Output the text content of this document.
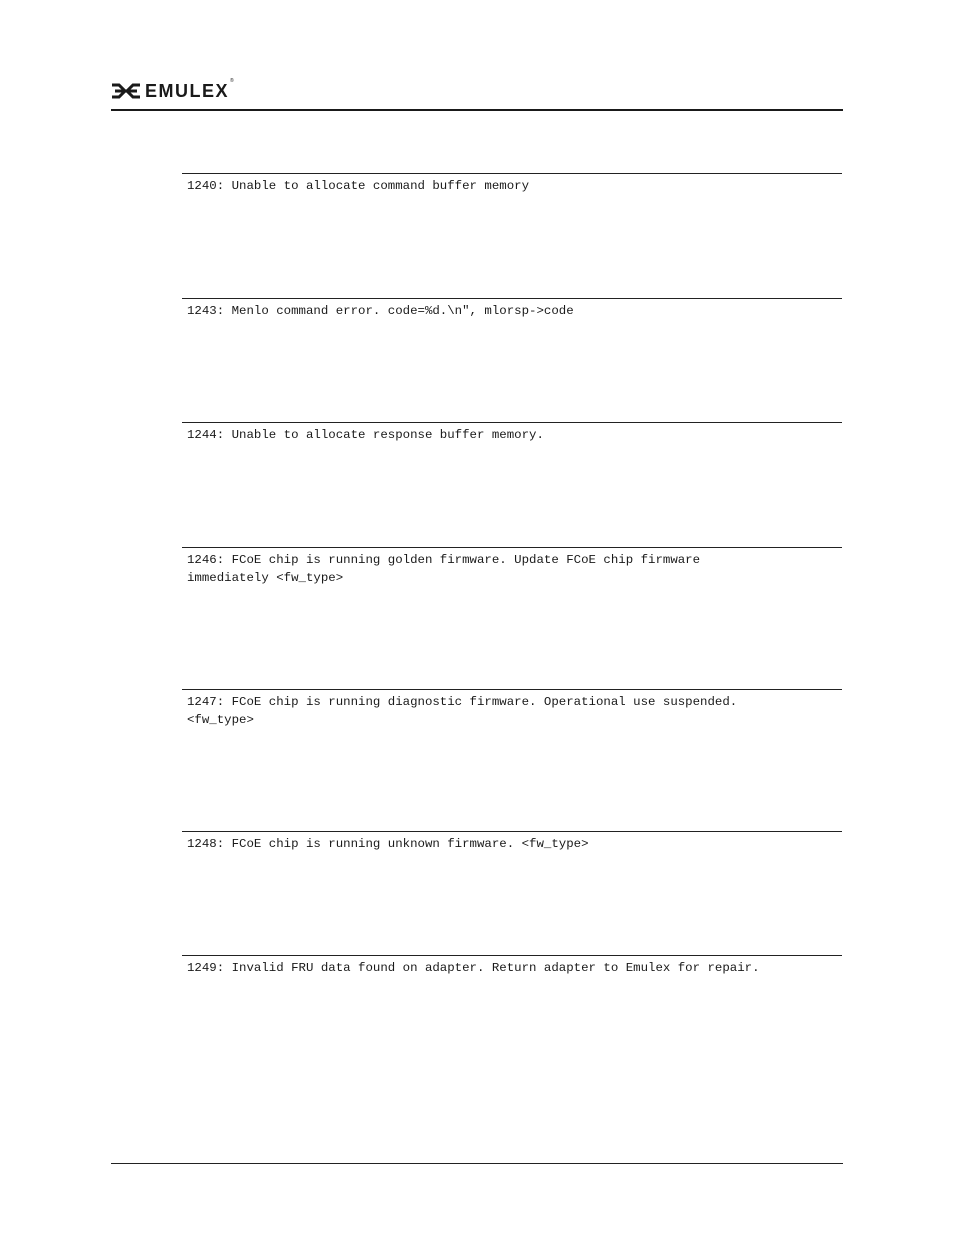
EMULEX®

1240: Unable to allocate command buffer memory

1243: Menlo command error. code=%d.\n", mlorsp->code

1244: Unable to allocate response buffer memory.

1246: FCoE chip is running golden firmware. Update FCoE chip firmware
immediately <fw_type>

1247: FCoE chip is running diagnostic firmware. Operational use suspended.
<fw_type>

1248: FCoE chip is running unknown firmware. <fw_type>

1249: Invalid FRU data found on adapter. Return adapter to Emulex for repair.
